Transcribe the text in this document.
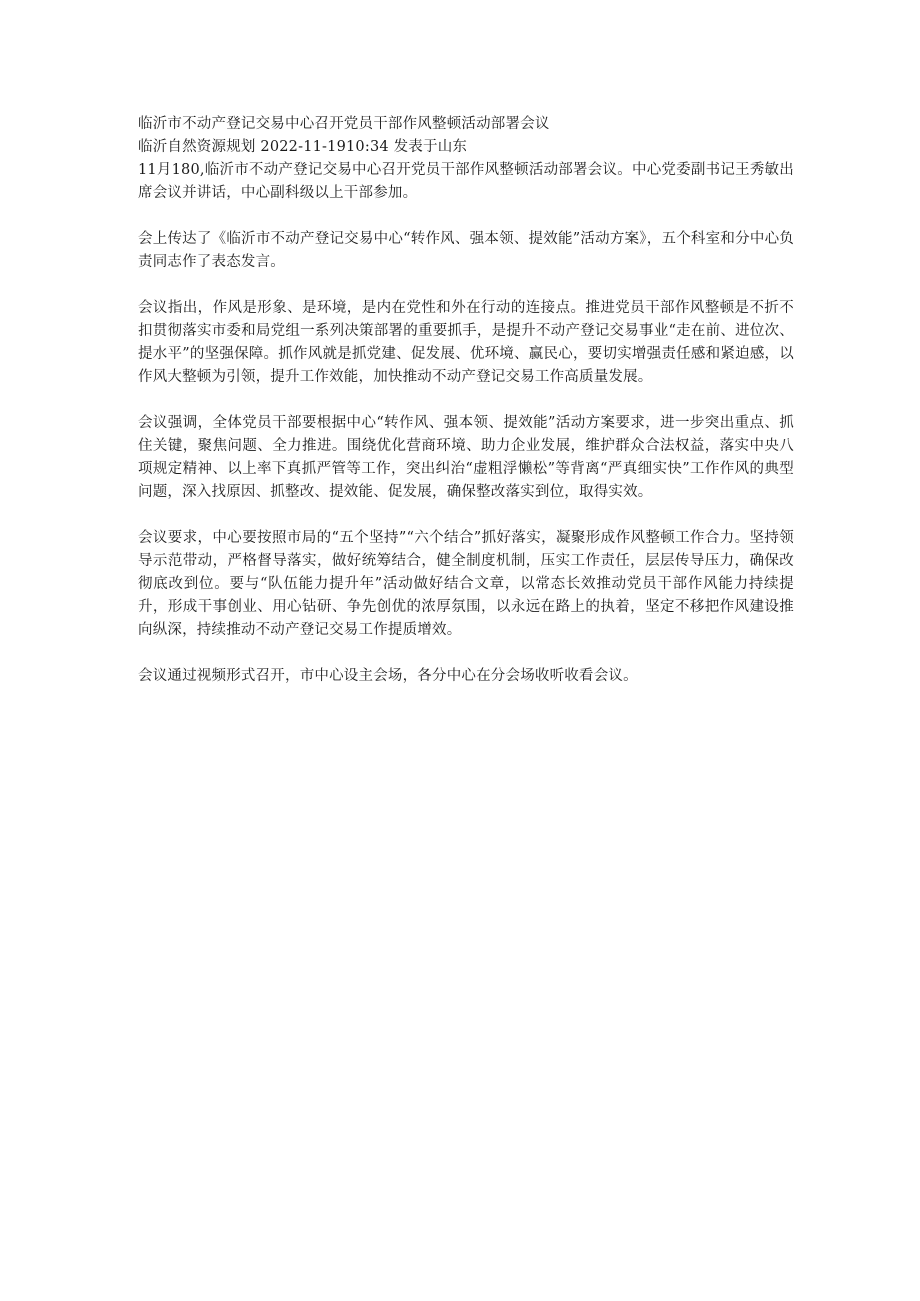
临沂市不动产登记交易中心召开党员干部作风整顿活动部署会议

临沂自然资源规划 2022-11-1910:34 发表于山东

11月180,临沂市不动产登记交易中心召开党员干部作风整顿活动部署会议。中心党委副书记王秀敏出席会议并讲话，中心副科级以上干部参加。

会上传达了《临沂市不动产登记交易中心“转作风、强本领、提效能”活动方案》，五个科室和分中心负责同志作了表态发言。

会议指出，作风是形象、是环境，是内在党性和外在行动的连接点。推进党员干部作风整顿是不折不扣贯彻落实市委和局党组一系列决策部署的重要抓手，是提升不动产登记交易事业“走在前、进位次、提水平”的坚强保障。抓作风就是抓党建、促发展、优环境、赢民心，要切实增强责任感和紧迫感，以作风大整顿为引领，提升工作效能，加快推动不动产登记交易工作高质量发展。

会议强调，全体党员干部要根据中心“转作风、强本领、提效能”活动方案要求，进一步突出重点、抓住关键，聚焦问题、全力推进。围绕优化营商环境、助力企业发展，维护群众合法权益，落实中央八项规定精神、以上率下真抓严管等工作，突出纠治“虚粗浮懒松”等背离“严真细实快”工作作风的典型问题，深入找原因、抓整改、提效能、促发展，确保整改落实到位，取得实效。

会议要求，中心要按照市局的“五个坚持”“六个结合”抓好落实，凝聚形成作风整顿工作合力。坚持领导示范带动，严格督导落实，做好统筹结合，健全制度机制，压实工作责任，层层传导压力，确保改彻底改到位。要与“队伍能力提升年”活动做好结合文章，以常态长效推动党员干部作风能力持续提升，形成干事创业、用心钻研、争先创优的浓厚氛围，以永远在路上的执着，坚定不移把作风建设推向纵深，持续推动不动产登记交易工作提质增效。

会议通过视频形式召开，市中心设主会场，各分中心在分会场收听收看会议。
